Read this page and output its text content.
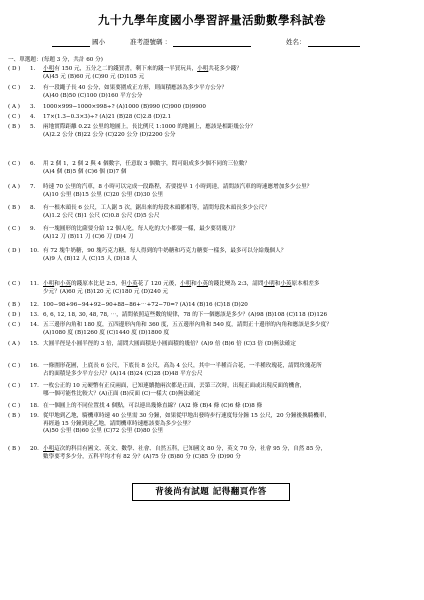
九十九學年度國小學習評量活動數學科試卷
國小	准考證號碼 ：	姓名：
一、單選題：(每題 3 分，共計 60 分)
( D ) 1. 小明有 150 元，五分之二的錢買書，剩下來的錢一半買玩具，小明共花多少錢？
(A)45 元 (B)60 元 (C)90 元 (D)105 元
( C ) 2. 有一段繩子長 40 公分，如果要圍成正方形，則面積應該為多少平方公分？
(A)40 (B)50 (C)100 (D)160 平方公分
( A ) 3. 1000×999−1000×998÷? (A)1000 (B)990 (C)900 (D)9900
( C ) 4. 17×(1.3−0.3×3)÷? (A)21 (B)28 (C)2.8 (D)2.1
( B ) 5. 兩地實際距離 0.22 公里的地圖上，長比例尺 1:1000 的地圖上，應該是相距幾公分？
(A)2.2 公分 (B)22 公分 (C)220 公分 (D)2200 公分
( C ) 6. 用 2 個 1，2 個 2 與 4 個數字，任意取 3 個數字，問可組成多少個不同的三位數？
(A)4 個 (B)5 個 (C)6 個 (D)7 個
( A ) 7. 時速 70 公里的汽車，8 小時可以完成一段路程，若要提早 1 小時到達，請問該汽車的時速應增加多少公里？
(A)10 公里 (B)15 公里 (C)20 公里 (D)30 公里
( B ) 8. 有一根木頭長 6 公尺，工人鋸 5 次，鋸出來的每段木頭都相等，請問每段木頭長多少公尺？
(A)1.2 公尺 (B)1 公尺 (C)0.8 公尺 (D)5 公尺
( C ) 9. 有一塊圓形的比薩要分給 12 個人吃，每人吃的大小都要一樣，最少要切幾刀？
(A)12 刀 (B)11 刀 (C)6 刀 (D)4 刀
( D ) 10. 有 72 塊牛奶糖，90 塊巧克力糖，每人得到的牛奶糖和巧克力糖要一樣多，最多可以分給幾個人？
(A)9 人 (B)12 人 (C)15 人 (D)18 人
( C ) 11. 小明和小英的錢原本比是 2:5，但小英花了 120 元後，小明和小英的錢比變為 2:3，請問小明和小英原本相差多
少元？(A)60 元 (B)120 元 (C)180 元 (D)240 元
( B ) 12. 100−98+96−94+92−90+88−86+⋯+72−70=? (A)14 (B)16 (C)18 (D)20
( D ) 13. 6, 6, 12, 18, 30, 48, 78, ⋯，請問依照這些數的規律，78 的下一個應該是多少？(A)98 (B)108 (C)118 (D)126
( C ) 14. 五三邊形內角和 180 度，五四邊形內角和 360 度，五五邊形內角和 540 度，請問正十邊形的內角和應該是多少度？
(A)1080 度 (B)1260 度 (C)1440 度 (D)1800 度
( A ) 15. 大圓半徑是小圓半徑的 3 倍，請問大圓面積是小圓面積的幾倍？(A)9 倍 (B)6 倍 (C)3 倍 (D)無法確定
( C ) 16. 一條圍形花圃，上底長 6 公尺，下底長 8 公尺，高為 4 公尺，其中一半種百合花，一半種玫瑰花，請問玫瑰花所
占的面積是多少平方公尺？(A)14 (B)24 (C)28 (D)48 平方公尺
( C ) 17. 一枚公正的 10 元硬幣有正反兩面，已知連續拋兩次都是正面，丟第三次時，出現正面或出現反面的機會，
哪一個可能性比較大？(A)正面 (B)反面 (C)一樣大 (D)無法確定
( C ) 18. 在一個圓上的不同位置找 4 個點，可以連出幾條直線？(A)2 條 (B)4 條 (C)6 條 (D)8 條
( B ) 19. 從甲地到乙地，騎機車時速 40 公里需 30 分鐘，如果從甲地出發時步行速度每分鐘 15 公尺，20 分鐘後換騎機車，
再經過 15 分鐘到達乙地，請問機車時速應該要為多少公里？
(A)50 公里 (B)60 公里 (C)72 公里 (D)80 公里
( B ) 20. 小明這次的科目有國文、英文、數學、社會、自然五科，已知國文 80 分，英文 70 分，社會 95 分，自然 85 分，
數學要考多少分，五科平均才有 82 分？(A)75 分 (B)80 分 (C)85 分 (D)90 分
背後尚有試題 記得翻頁作答
